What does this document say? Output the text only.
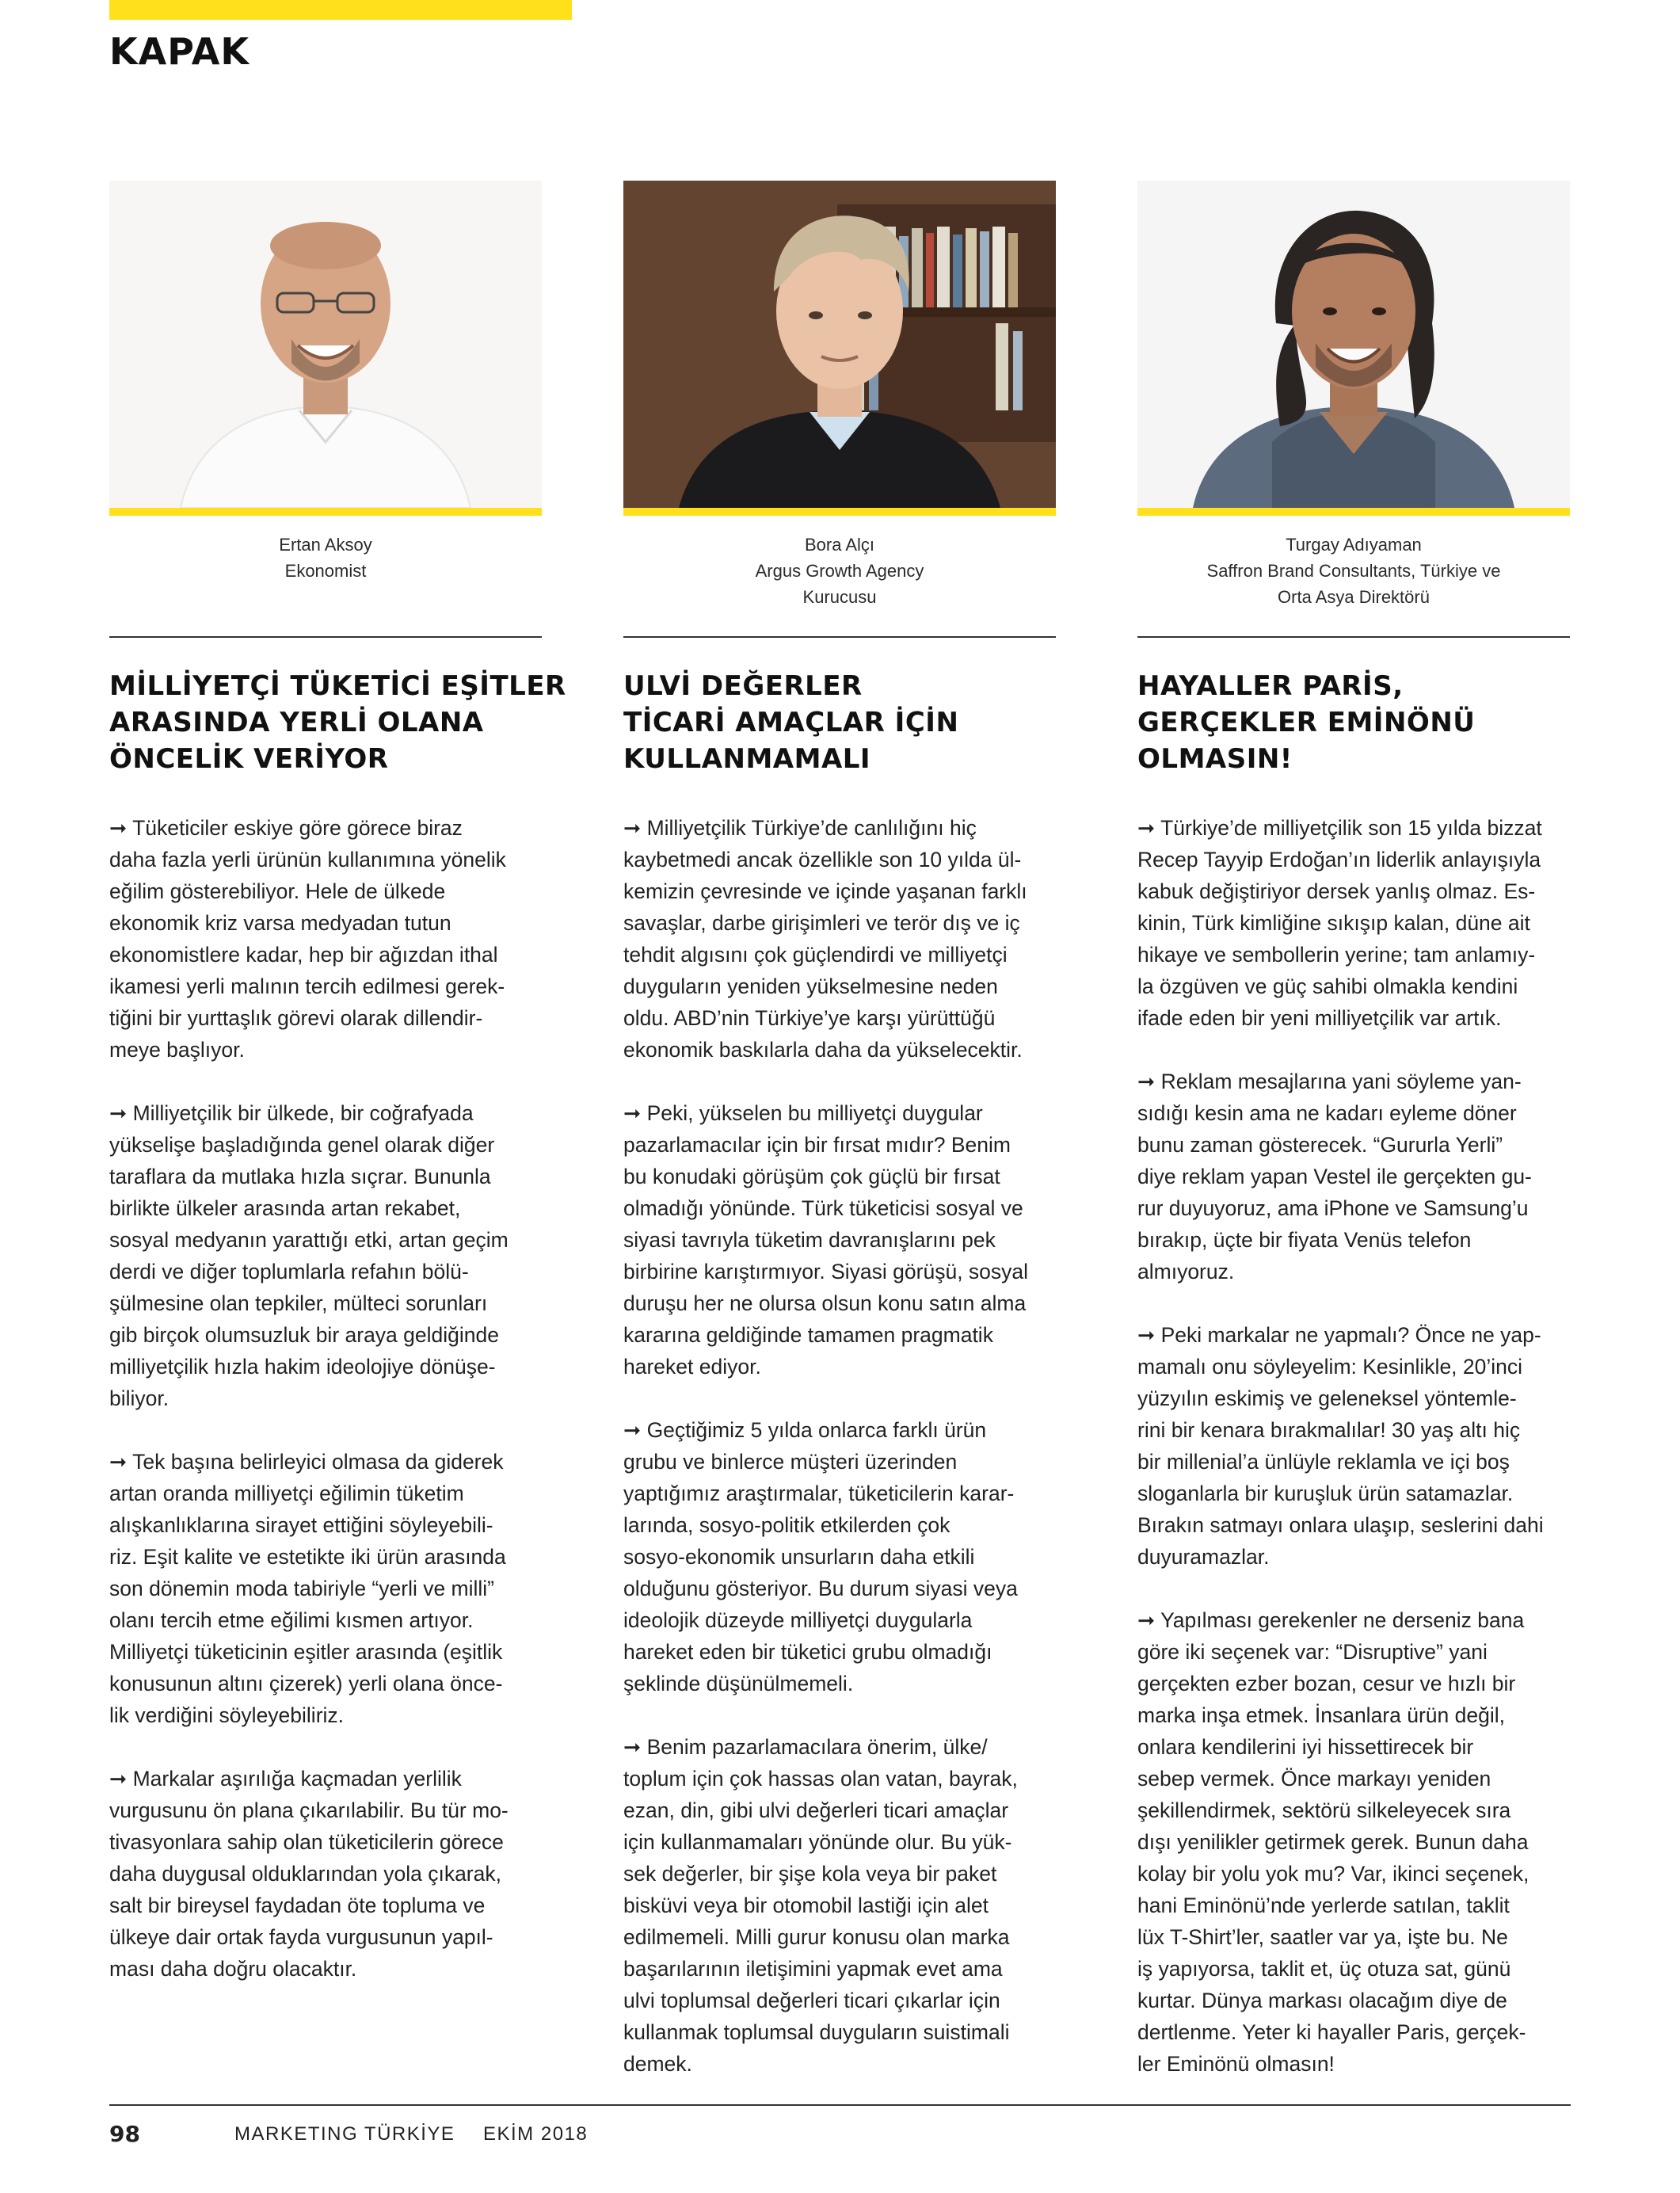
KAPAK
Ertan Aksoy
Ekonomist
MİLLİYETÇİ TÜKETİCİ EŞİTLER
ARASINDA YERLİ OLANA
ÖNCELİK VERİYOR
➞ Tüketiciler eskiye göre görece biraz
daha fazla yerli ürünün kullanımına yönelik
eğilim gösterebiliyor. Hele de ülkede
ekonomik kriz varsa medyadan tutun
ekonomistlere kadar, hep bir ağızdan ithal
ikamesi yerli malının tercih edilmesi gerek-
tiğini bir yurttaşlık görevi olarak dillendir-
meye başlıyor.
➞ Milliyetçilik bir ülkede, bir coğrafyada
yükselişe başladığında genel olarak diğer
taraflara da mutlaka hızla sıçrar. Bununla
birlikte ülkeler arasında artan rekabet,
sosyal medyanın yarattığı etki, artan geçim
derdi ve diğer toplumlarla refahın bölü-
şülmesine olan tepkiler, mülteci sorunları
gib birçok olumsuzluk bir araya geldiğinde
milliyetçilik hızla hakim ideolojiye dönüşe-
biliyor.
➞ Tek başına belirleyici olmasa da giderek
artan oranda milliyetçi eğilimin tüketim
alışkanlıklarına sirayet ettiğini söyleyebili-
riz. Eşit kalite ve estetikte iki ürün arasında
son dönemin moda tabiriyle “yerli ve milli”
olanı tercih etme eğilimi kısmen artıyor.
Milliyetçi tüketicinin eşitler arasında (eşitlik
konusunun altını çizerek) yerli olana önce-
lik verdiğini söyleyebiliriz.
➞ Markalar aşırılığa kaçmadan yerlilik
vurgusunu ön plana çıkarılabilir. Bu tür mo-
tivasyonlara sahip olan tüketicilerin görece
daha duygusal olduklarından yola çıkarak,
salt bir bireysel faydadan öte topluma ve
ülkeye dair ortak fayda vurgusunun yapıl-
ması daha doğru olacaktır.
Bora Alçı
Argus Growth Agency
Kurucusu
ULVİ DEĞERLER
TİCARİ AMAÇLAR İÇİN
KULLANMAMALI
➞ Milliyetçilik Türkiye’de canlılığını hiç
kaybetmedi ancak özellikle son 10 yılda ül-
kemizin çevresinde ve içinde yaşanan farklı
savaşlar, darbe girişimleri ve terör dış ve iç
tehdit algısını çok güçlendirdi ve milliyetçi
duyguların yeniden yükselmesine neden
oldu. ABD’nin Türkiye’ye karşı yürüttüğü
ekonomik baskılarla daha da yükselecektir.
➞ Peki, yükselen bu milliyetçi duygular
pazarlamacılar için bir fırsat mıdır? Benim
bu konudaki görüşüm çok güçlü bir fırsat
olmadığı yönünde. Türk tüketicisi sosyal ve
siyasi tavrıyla tüketim davranışlarını pek
birbirine karıştırmıyor. Siyasi görüşü, sosyal
duruşu her ne olursa olsun konu satın alma
kararına geldiğinde tamamen pragmatik
hareket ediyor.
➞ Geçtiğimiz 5 yılda onlarca farklı ürün
grubu ve binlerce müşteri üzerinden
yaptığımız araştırmalar, tüketicilerin karar-
larında, sosyo-politik etkilerden çok
sosyo-ekonomik unsurların daha etkili
olduğunu gösteriyor. Bu durum siyasi veya
ideolojik düzeyde milliyetçi duygularla
hareket eden bir tüketici grubu olmadığı
şeklinde düşünülmemeli.
➞ Benim pazarlamacılara önerim, ülke/
toplum için çok hassas olan vatan, bayrak,
ezan, din, gibi ulvi değerleri ticari amaçlar
için kullanmamaları yönünde olur. Bu yük-
sek değerler, bir şişe kola veya bir paket
bisküvi veya bir otomobil lastiği için alet
edilmemeli. Milli gurur konusu olan marka
başarılarının iletişimini yapmak evet ama
ulvi toplumsal değerleri ticari çıkarlar için
kullanmak toplumsal duyguların suistimali
demek.
Turgay Adıyaman
Saffron Brand Consultants, Türkiye ve
Orta Asya Direktörü
HAYALLER PARİS,
GERÇEKLER EMİNÖNÜ
OLMASIN!
➞ Türkiye’de milliyetçilik son 15 yılda bizzat
Recep Tayyip Erdoğan’ın liderlik anlayışıyla
kabuk değiştiriyor dersek yanlış olmaz. Es-
kinin, Türk kimliğine sıkışıp kalan, düne ait
hikaye ve sembollerin yerine; tam anlamıy-
la özgüven ve güç sahibi olmakla kendini
ifade eden bir yeni milliyetçilik var artık.
➞ Reklam mesajlarına yani söyleme yan-
sıdığı kesin ama ne kadarı eyleme döner
bunu zaman gösterecek. “Gururla Yerli”
diye reklam yapan Vestel ile gerçekten gu-
rur duyuyoruz, ama iPhone ve Samsung’u
bırakıp, üçte bir fiyata Venüs telefon
almıyoruz.
➞ Peki markalar ne yapmalı? Önce ne yap-
mamalı onu söyleyelim: Kesinlikle, 20’inci
yüzyılın eskimiş ve geleneksel yöntemle-
rini bir kenara bırakmalılar! 30 yaş altı hiç
bir millenial’a ünlüyle reklamla ve içi boş
sloganlarla bir kuruşluk ürün satamazlar.
Bırakın satmayı onlara ulaşıp, seslerini dahi
duyuramazlar.
➞ Yapılması gerekenler ne derseniz bana
göre iki seçenek var: “Disruptive” yani
gerçekten ezber bozan, cesur ve hızlı bir
marka inşa etmek. İnsanlara ürün değil,
onlara kendilerini iyi hissettirecek bir
sebep vermek. Önce markayı yeniden
şekillendirmek, sektörü silkeleyecek sıra
dışı yenilikler getirmek gerek. Bunun daha
kolay bir yolu yok mu? Var, ikinci seçenek,
hani Eminönü’nde yerlerde satılan, taklit
lüx T-Shirt’ler, saatler var ya, işte bu. Ne
iş yapıyorsa, taklit et, üç otuza sat, günü
kurtar. Dünya markası olacağım diye de
dertlenme. Yeter ki hayaller Paris, gerçek-
ler Eminönü olmasın!
98	MARKETING TÜRKİYE EKİM 2018
